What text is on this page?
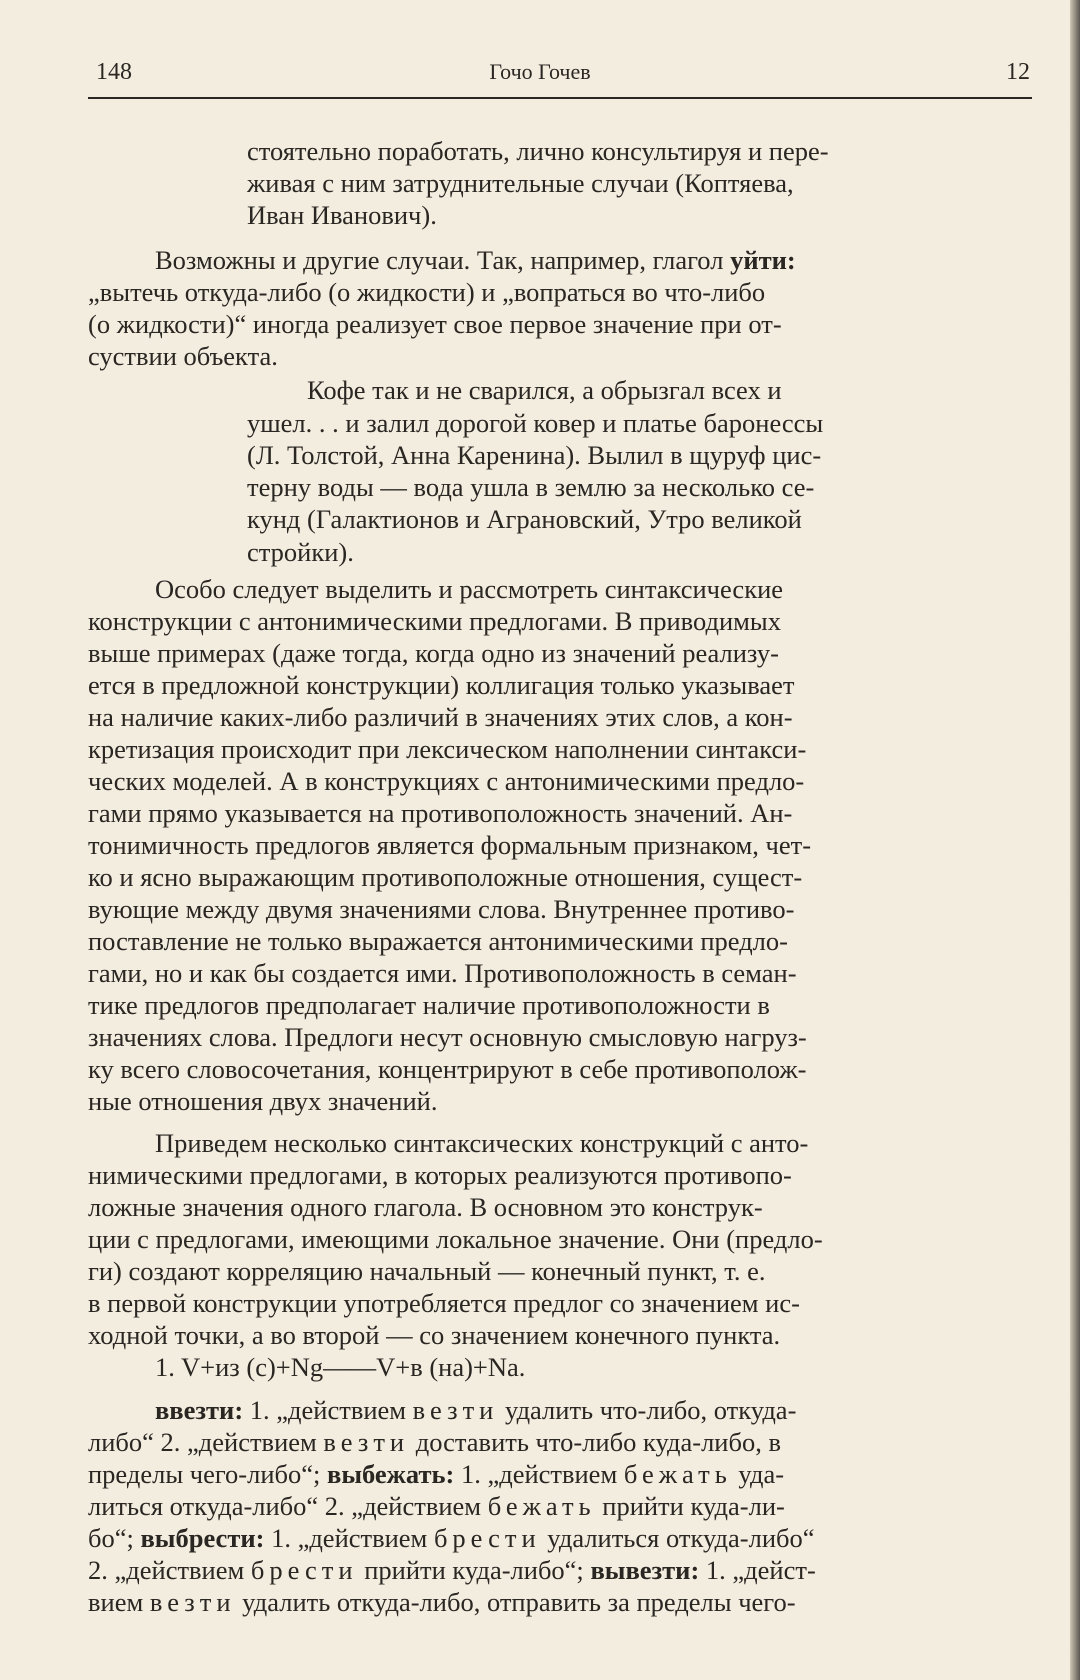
148	Гочо Гочев	12
стоятельно поработать, лично консультируя и пере-
живая с ним затруднительные случаи (Коптяева,
Иван Иванович).
Возможны и другие случаи. Так, например, глагол уйти:
„вытечь откуда-либо (о жидкости) и „вопраться во что-либо
(о жидкости)“ иногда реализует свое первое значение при от-
суствии объекта.
Кофе так и не сварился, а обрызгал всех и
ушел. . . и залил дорогой ковер и платье баронессы
(Л. Толстой, Анна Каренина). Вылил в щуруф цис-
терну воды — вода ушла в землю за несколько се-
кунд (Галактионов и Аграновский, Утро великой
стройки).
Особо следует выделить и рассмотреть синтаксические
конструкции с антонимическими предлогами. В приводимых
выше примерах (даже тогда, когда одно из значений реализу-
ется в предложной конструкции) коллигация только указывает
на наличие каких-либо различий в значениях этих слов, а кон-
кретизация происходит при лексическом наполнении синтакси-
ческих моделей. А в конструкциях с антонимическими предло-
гами прямо указывается на противоположность значений. Ан-
тонимичность предлогов является формальным признаком, чет-
ко и ясно выражающим противоположные отношения, сущест-
вующие между двумя значениями слова. Внутреннее противо-
поставление не только выражается антонимическими предло-
гами, но и как бы создается ими. Противоположность в семан-
тике предлогов предполагает наличие противоположности в
значениях слова. Предлоги несут основную смысловую нагруз-
ку всего словосочетания, концентрируют в себе противополож-
ные отношения двух значений.
Приведем несколько синтаксических конструкций с анто-
нимическими предлогами, в которых реализуются противопо-
ложные значения одного глагола. В основном это конструк-
ции с предлогами, имеющими локальное значение. Они (предло-
ги) создают корреляцию начальный — конечный пункт, т. е.
в первой конструкции употребляется предлог со значением ис-
ходной точки, а во второй — со значением конечного пункта.
1. V+из (с)+Ng——V+в (на)+Na.
ввезти: 1. „действием везти удалить что-либо, откуда-
либо“ 2. „действием везти доставить что-либо куда-либо, в
пределы чего-либо“; выбежать: 1. „действием бежать уда-
литься откуда-либо“ 2. „действием бежать прийти куда-ли-
бо“; выбрести: 1. „действием брести удалиться откуда-либо“
2. „действием брести прийти куда-либо“; вывезти: 1. „дейст-
вием везти удалить откуда-либо, отправить за пределы чего-
